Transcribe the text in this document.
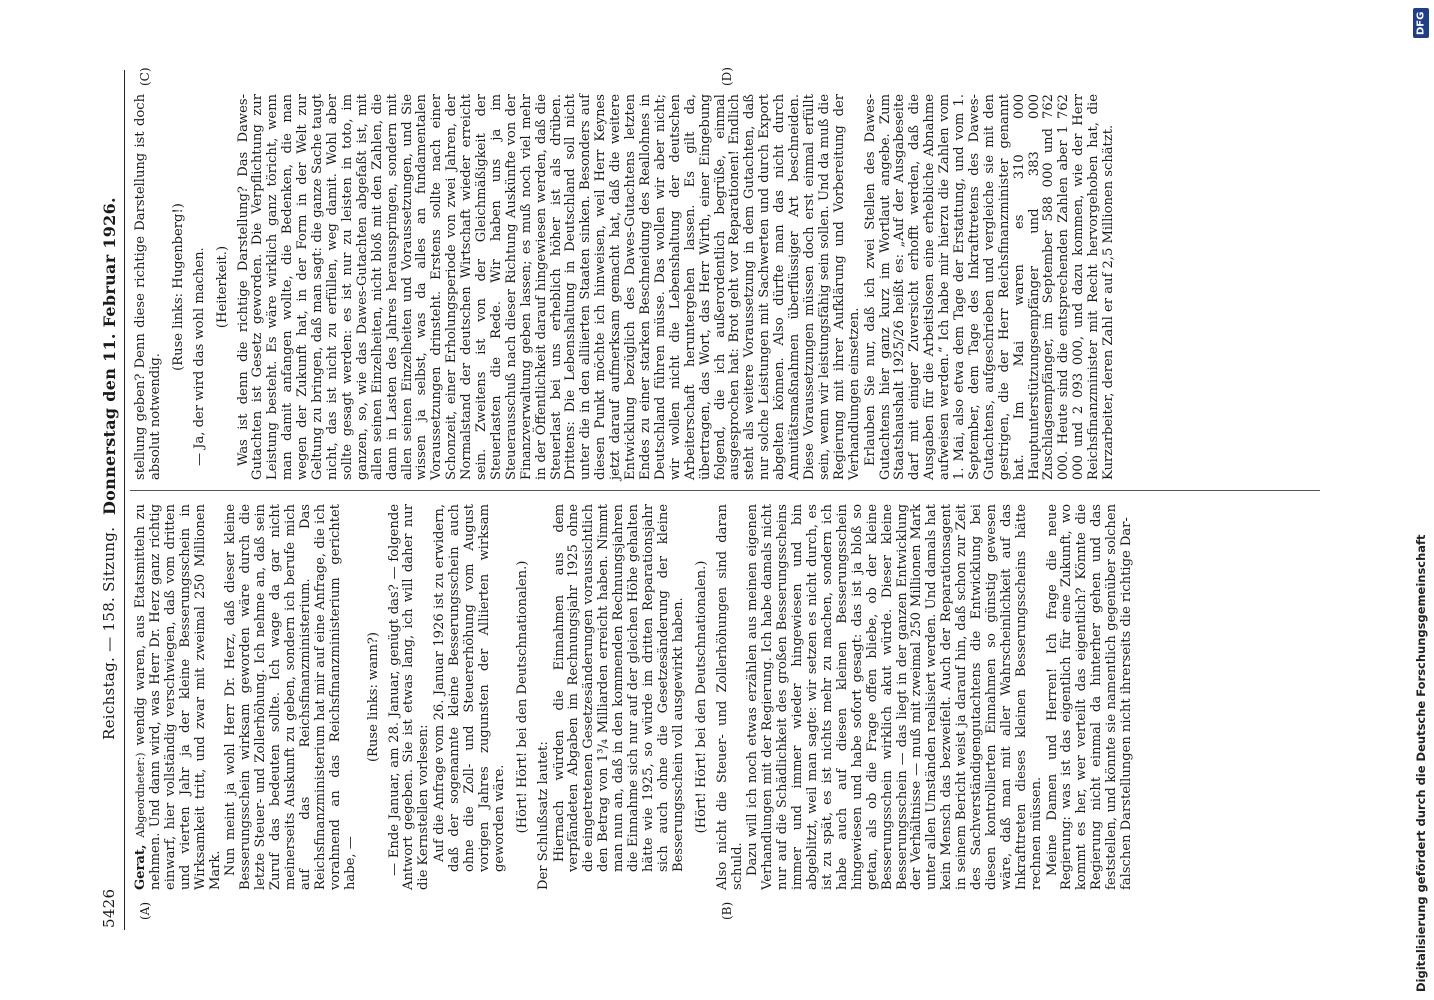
5426
Reichstag. — 158. Sitzung.
Donnerstag den 11. Februar 1926.
(A)	(B)
(C)	(D)

Gerat, Abgeordneter:) wendig waren, aus Etatsmitteln zu nehmen. Und dann wird, was Herr Dr. Herz ganz richtig einwarf, hier vollständig verschwiegen, daß vom dritten und vierten Jahr ja der kleine Besserungsschein in Wirksamkeit tritt, und zwar mit zweimal 250 Millionen Mark. Nun meint ja wohl Herr Dr. Herz, daß dieser kleine Besserungsschein wirksam geworden wäre durch die letzte Steuer- und Zollerhöhung. Ich nehme an, daß sein Zuruf das bedeuten sollte. Ich wage da gar nicht meinerseits Auskunft zu geben, sondern ich berufe mich auf das Reichsfinanzministerium. Das Reichsfinanzministerium hat mir auf eine Anfrage, die ich vorahnend an das Reichsfinanzministerium gerichtet habe, —

(Ruse links: wann?) — Ende Januar, am 28. Januar, genügt das? — folgende Antwort gegeben. Sie ist etwas lang, ich will daher nur die Kernstellen vorlesen: Auf die Anfrage vom 26. Januar 1926 ist zu erwidern, daß der sogenannte kleine Besserungsschein auch ohne die Zoll- und Steuererhöhung vom August vorigen Jahres zugunsten der Alliierten wirksam geworden wäre. (Hört! Hört! bei den Deutschnationalen.) Der Schlußsatz lautet: Hiernach würden die Einnahmen aus dem verpfändeten Abgaben im Rechnungsjahr 1925 ohne die eingetretenen Gesetzesänderungen voraussichtlich den Betrag von 1³/₄ Milliarden erreicht haben. Nimmt man nun an, daß in den kommenden Rechnungsjahren die Einnahme sich nur auf der gleichen Höhe gehalten hätte wie 1925, so würde im dritten Reparationsjahr sich auch ohne die Gesetzesänderung der kleine Besserungsschein voll ausgewirkt haben. (Hört! Hört! bei den Deutschnationalen.) Also nicht die Steuer- und Zollerhöhungen sind daran schuld. Dazu will ich noch etwas erzählen aus meinen eigenen Verhandlungen mit der Regierung. Ich habe damals nicht nur auf die Schädlichkeit des großen Besserungsscheins immer und immer wieder hingewiesen und bin abgeblitzt, weil man sagte: wir setzen es nicht durch, es ist zu spät, es ist nichts mehr zu machen, sondern ich habe auch auf diesen kleinen Besserungsschein hingewiesen und habe sofort gesagt: das ist ja bloß so getan, als ob die Frage offen bliebe, ob der kleine Besserungsschein wirklich akut würde. Dieser kleine Besserungsschein — das liegt in der ganzen Entwicklung der Verhältnisse — muß mit zweimal 250 Millionen Mark unter allen Umständen realisiert werden. Und damals hat kein Mensch das bezweifelt. Auch der Reparationsagent in seinem Bericht weist ja darauf hin, daß schon zur Zeit des Sachverständigengutachtens die Entwicklung bei diesen kontrollierten Einnahmen so günstig gewesen wäre, daß man mit aller Wahrscheinlichkeit auf das Inkrafttreten dieses kleinen Besserungsscheins hätte rechnen müssen. Meine Damen und Herren! Ich frage die neue Regierung: was ist das eigentlich für eine Zukunft, wo kommt es her, wer verteilt das eigentlich? Könnte die Regierung nicht einmal da hinterher gehen und das feststellen, und könnte sie namentlich gegenüber solchen falschen Darstellungen nicht ihrerseits die richtige Dar-

stellung geben? Denn diese richtige Darstellung ist doch absolut notwendig.

(Ruse links: Hugenberg!) — Ja, der wird das wohl machen. (Heiterkeit.) Was ist denn die richtige Darstellung? Das Dawes-Gutachten ist Gesetz geworden. Die Verpflichtung zur Leistung besteht. Es wäre wirklich ganz töricht, wenn man damit anfangen wollte, die Bedenken, die man wegen der Zukunft hat, in der Form in der Welt zur Geltung zu bringen, daß man sagt: die ganze Sache taugt nicht, das ist nicht zu erfüllen, weg damit. Wohl aber sollte gesagt werden: es ist nur zu leisten in toto, im ganzen, so, wie das Dawes-Gutachten abgefaßt ist, mit allen seinen Einzelheiten, nicht bloß mit den Zahlen, die dann in Lasten des Jahres herausspringen, sondern mit allen seinen Einzelheiten und Voraussetzungen, und Sie wissen ja selbst, was da alles an fundamentalen Voraussetzungen drinsteht. Erstens sollte nach einer Schonzeit, einer Erholungsperiode von zwei Jahren, der Normalstand der deutschen Wirtschaft wieder erreicht sein. Zweitens ist von der Gleichmäßigkeit der Steuerlasten die Rede. Wir haben uns ja im Steuerausschuß nach dieser Richtung Auskünfte von der Finanzverwaltung geben lassen; es muß noch viel mehr in der Öffentlichkeit darauf hingewiesen werden, daß die Steuerlast bei uns erheblich höher ist als drüben. Drittens: Die Lebenshaltung in Deutschland soll nicht unter die in den alliierten Staaten sinken. Besonders auf diesen Punkt möchte ich hinweisen, weil Herr Keynes jetzt darauf aufmerksam gemacht hat, daß die weitere Entwicklung bezüglich des Dawes-Gutachtens letzten Endes zu einer starken Beschneidung des Reallohnes in Deutschland führen müsse. Das wollen wir aber nicht; wir wollen nicht die Lebenshaltung der deutschen Arbeiterschaft heruntergehen lassen. Es gilt da, übertragen, das Wort, das Herr Wirth, einer Eingebung folgend, die ich außerordentlich begrüße, einmal ausgesprochen hat: Brot geht vor Reparationen! Endlich steht als weitere Voraussetzung in dem Gutachten, daß nur solche Leistungen mit Sachwerten und durch Export abgelten können. Also dürfte man das nicht durch Annuitätsmaßnahmen überflüssiger Art beschneiden. Diese Voraussetzungen müssen doch erst einmal erfüllt sein, wenn wir leistungsfähig sein sollen. Und da muß die Regierung mit ihrer Aufklärung und Vorbereitung der Verhandlungen einsetzen. Erlauben Sie nur, daß ich zwei Stellen des Dawes-Gutachtens hier ganz kurz im Wortlaut angebe. Zum Staatshaushalt 1925/26 heißt es: „Auf der Ausgabeseite darf mit einiger Zuversicht erhofft werden, daß die Ausgaben für die Arbeitslosen eine erhebliche Abnahme aufweisen werden.“ Ich habe mir hierzu die Zahlen vom 1. Mai, also etwa dem Tage der Erstattung, und vom 1. September, dem Tage des Inkrafttretens des Dawes-Gutachtens, aufgeschrieben und vergleiche sie mit den gestrigen, die der Herr Reichsfinanzminister genannt hat. Im Mai waren es 310 000 Hauptunterstützungsempfänger und 383 000 Zuschlagsempfänger, im September 588 000 und 762 000. Heute sind die entsprechenden Zahlen aber 1 762 000 und 2 093 000, und dazu kommen, wie der Herr Reichsfinanzminister mit Recht hervorgehoben hat, die Kurzarbeiter, deren Zahl er auf 2,5 Millionen schätzt.

DFG
Digitalisierung gefördert durch die Deutsche Forschungsgemeinschaft
